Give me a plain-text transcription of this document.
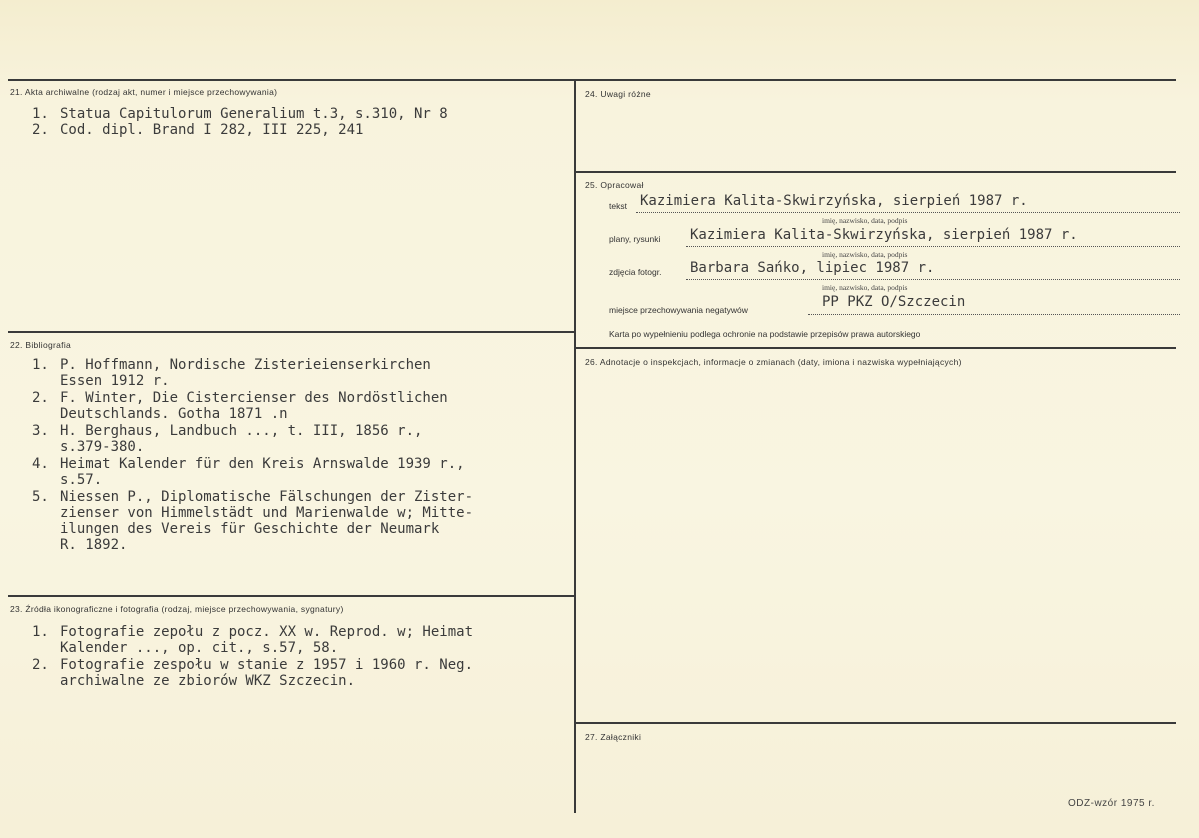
21. Akta archiwalne (rodzaj akt, numer i miejsce przechowywania)

1.

Statua Capitulorum Generalium t.3, s.310, Nr 8

2.

Cod. dipl. Brand I 282, III 225, 241

22. Bibliografia

1.

P. Hoffmann, Nordische Zisterieienserkirchen
Essen 1912 r.

2.

F. Winter, Die Cistercienser des Nordöstlichen
Deutschlands. Gotha 1871 .n

3.

H. Berghaus, Landbuch ..., t. III, 1856 r.,
s.379-380.

4.

Heimat Kalender für den Kreis Arnswalde 1939 r.,
s.57.

5.

Niessen P., Diplomatische Fälschungen der Zister-
zienser von Himmelstädt und Marienwalde w; Mitte-
ilungen des Vereis für Geschichte der Neumark
R. 1892.

23. Źródła ikonograficzne i fotografia (rodzaj, miejsce przechowywania, sygnatury)

1.

Fotografie zepołu z pocz. XX w. Reprod. w; Heimat
Kalender ..., op. cit., s.57, 58.

2.

Fotografie zespołu w stanie z 1957 i 1960 r. Neg.
archiwalne ze zbiorów WKZ Szczecin.

24. Uwagi różne
25. Opracował
tekst Kazimiera Kalita-Skwirzyńska, sierpień 1987 r.
imię, nazwisko, data, podpis
plany, rysunki Kazimiera Kalita-Skwirzyńska, sierpień 1987 r.
imię, nazwisko, data, podpis
zdjęcia fotogr. Barbara Sańko, lipiec 1987 r.
imię, nazwisko, data, podpis
miejsce przechowywania negatywów	PP PKZ O/Szczecin
Karta po wypełnieniu podlega ochronie na podstawie przepisów prawa autorskiego
26. Adnotacje o inspekcjach, informacje o zmianach (daty, imiona i nazwiska wypełniających)
27. Załączniki
ODZ-wzór 1975 r.
